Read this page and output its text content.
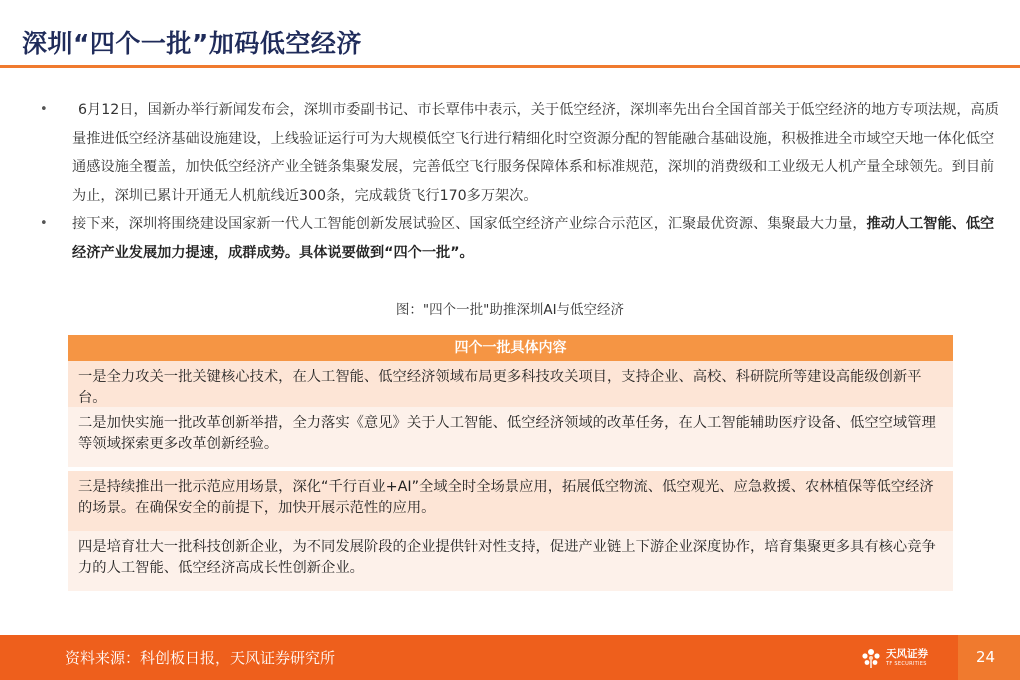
深圳“四个一批”加码低空经济
• 6月12日，国新办举行新闻发布会，深圳市委副书记、市长覃伟中表示，关于低空经济，深圳率先出台全国首部关于低空经济的地方专项法规，高质量推进低空经济基础设施建设，上线验证运行可为大规模低空飞行进行精细化时空资源分配的智能融合基础设施，积极推进全市域空天地一体化低空通感设施全覆盖，加快低空经济产业全链条集聚发展，完善低空飞行服务保障体系和标准规范，深圳的消费级和工业级无人机产量全球领先。到目前为止，深圳已累计开通无人机航线近300条，完成载货飞行170多万架次。
• 接下来，深圳将围绕建设国家新一代人工智能创新发展试验区、国家低空经济产业综合示范区，汇聚最优资源、集聚最大力量，推动人工智能、低空经济产业发展加力提速，成群成势。具体说要做到“四个一批”。
图："四个一批"助推深圳AI与低空经济
四个一批具体内容
一是全力攻关一批关键核心技术，在人工智能、低空经济领域布局更多科技攻关项目，支持企业、高校、科研院所等建设高能级创新平台。
二是加快实施一批改革创新举措，全力落实《意见》关于人工智能、低空经济领域的改革任务，在人工智能辅助医疗设备、低空空域管理等领域探索更多改革创新经验。
三是持续推出一批示范应用场景，深化“千行百业+AI”全域全时全场景应用，拓展低空物流、低空观光、应急救援、农林植保等低空经济的场景。在确保安全的前提下，加快开展示范性的应用。
四是培育壮大一批科技创新企业，为不同发展阶段的企业提供针对性支持，促进产业链上下游企业深度协作，培育集聚更多具有核心竞争力的人工智能、低空经济高成长性创新企业。
资料来源：科创板日报，天风证券研究所	天风证券
TF SECURITIES	24
